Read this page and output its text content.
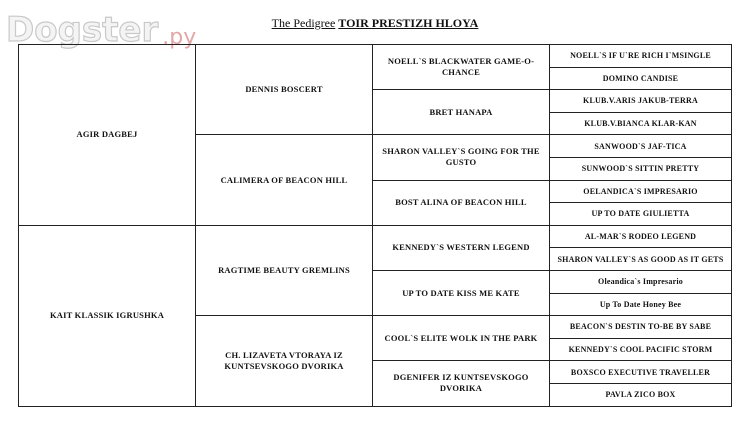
Dogster $^{.ру}$
The Pedigree TOIR PRESTIZH HLOYA
AGIR DAGBEJ	DENNIS BOSCERT	NOELL`S BLACKWATER GAME-O-CHANCE	NOELL`S IF U`RE RICH I`MSINGLE
			DOMINO CANDISE
		BRET HANAPA	KLUB.V.ARIS JAKUB-TERRA
			KLUB.V.BIANCA KLAR-KAN
	CALIMERA OF BEACON HILL	SHARON VALLEY`S GOING FOR THE GUSTO	SANWOOD`S JAF-TICA
			SUNWOOD`S SITTIN PRETTY
		BOST ALINA OF BEACON HILL	OELANDICA`S IMPRESARIO
			UP TO DATE GIULIETTA
KAIT KLASSIK IGRUSHKA	RAGTIME BEAUTY GREMLINS	KENNEDY`S WESTERN LEGEND	AL-MAR`S RODEO LEGEND
			SHARON VALLEY`S AS GOOD AS IT GETS
		UP TO DATE KISS ME KATE	Oleandica`s Impresario
			Up To Date Honey Bee
	CH. LIZAVETA VTORAYA IZ KUNTSEVSKOGO DVORIKA	COOL`S ELITE WOLK IN THE PARK	BEACON`S DESTIN TO-BE BY SABE
			KENNEDY`S COOL PACIFIC STORM
		DGENIFER IZ KUNTSEVSKOGO DVORIKA	BOXSCO EXECUTIVE TRAVELLER
			PAVLA ZICO BOX
